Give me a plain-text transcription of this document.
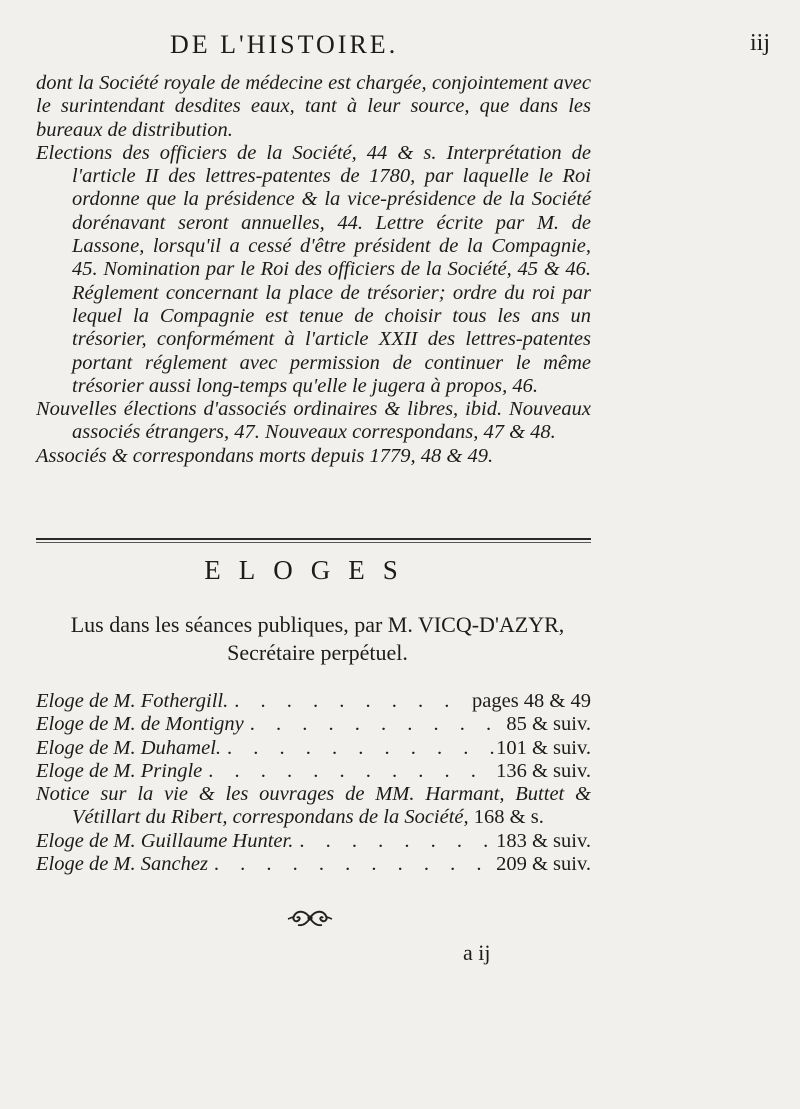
DE L'HISTOIRE.	iij

dont la Société royale de médecine est chargée, conjointement avec le surintendant desdites eaux, tant à leur source, que dans les bureaux de distribution.

Elections des officiers de la Société, 44 & s. Interprétation de l'article II des lettres-patentes de 1780, par laquelle le Roi ordonne que la présidence & la vice-présidence de la Société dorénavant seront annuelles, 44. Lettre écrite par M. de Lassone, lorsqu'il a cessé d'être président de la Compagnie, 45. Nomination par le Roi des officiers de la Société, 45 & 46. Réglement concernant la place de trésorier; ordre du roi par lequel la Compagnie est tenue de choisir tous les ans un trésorier, conformément à l'article XXII des lettres-patentes portant réglement avec permission de continuer le même trésorier aussi long-temps qu'elle le jugera à propos, 46.

Nouvelles élections d'associés ordinaires & libres, ibid. Nouveaux associés étrangers, 47. Nouveaux correspondans, 47 & 48.

Associés & correspondans morts depuis 1779, 48 & 49.

ELOGES
Lus dans les séances publiques, par M. VICQ-D'AZYR,
Secrétaire perpétuel.
Eloge de M. Fothergill. . . .	pages 48 & 49
Eloge de M. de Montigny . . .	85 & suiv.
Eloge de M. Duhamel. . . .	101 & suiv.
Eloge de M. Pringle . . .	136 & suiv.
Notice sur la vie & les ouvrages de MM. Harmant, Buttet & Vétillart du Ribert, correspondans de la Société, 168 & s.
Eloge de M. Guillaume Hunter. . . .	183 & suiv.
Eloge de M. Sanchez . . .	209 & suiv.
a ij
